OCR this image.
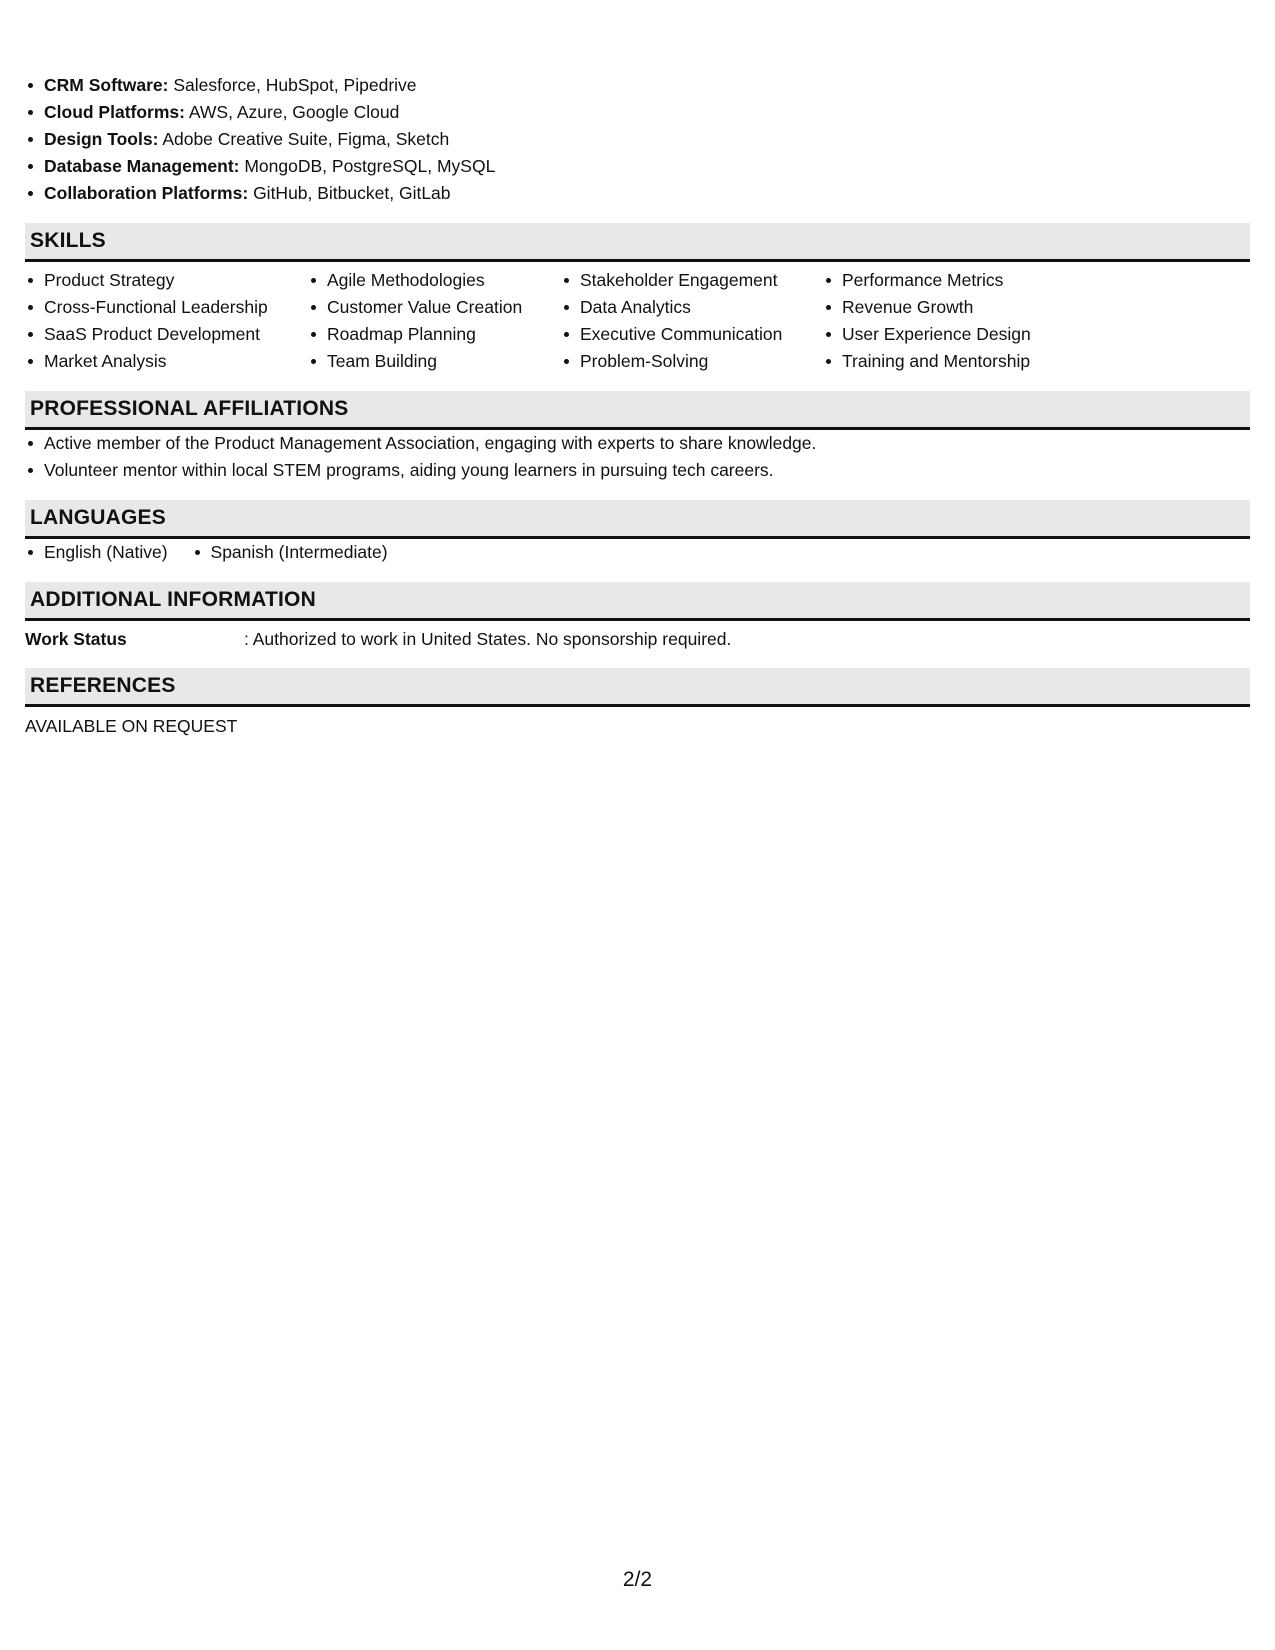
CRM Software: Salesforce, HubSpot, Pipedrive
Cloud Platforms: AWS, Azure, Google Cloud
Design Tools: Adobe Creative Suite, Figma, Sketch
Database Management: MongoDB, PostgreSQL, MySQL
Collaboration Platforms: GitHub, Bitbucket, GitLab
SKILLS
Product Strategy
Cross-Functional Leadership
SaaS Product Development
Market Analysis
Agile Methodologies
Customer Value Creation
Roadmap Planning
Team Building
Stakeholder Engagement
Data Analytics
Executive Communication
Problem-Solving
Performance Metrics
Revenue Growth
User Experience Design
Training and Mentorship
PROFESSIONAL AFFILIATIONS
Active member of the Product Management Association, engaging with experts to share knowledge.
Volunteer mentor within local STEM programs, aiding young learners in pursuing tech careers.
LANGUAGES
English (Native)	Spanish (Intermediate)
ADDITIONAL INFORMATION
Work Status	: Authorized to work in United States. No sponsorship required.
REFERENCES
AVAILABLE ON REQUEST
2/2
